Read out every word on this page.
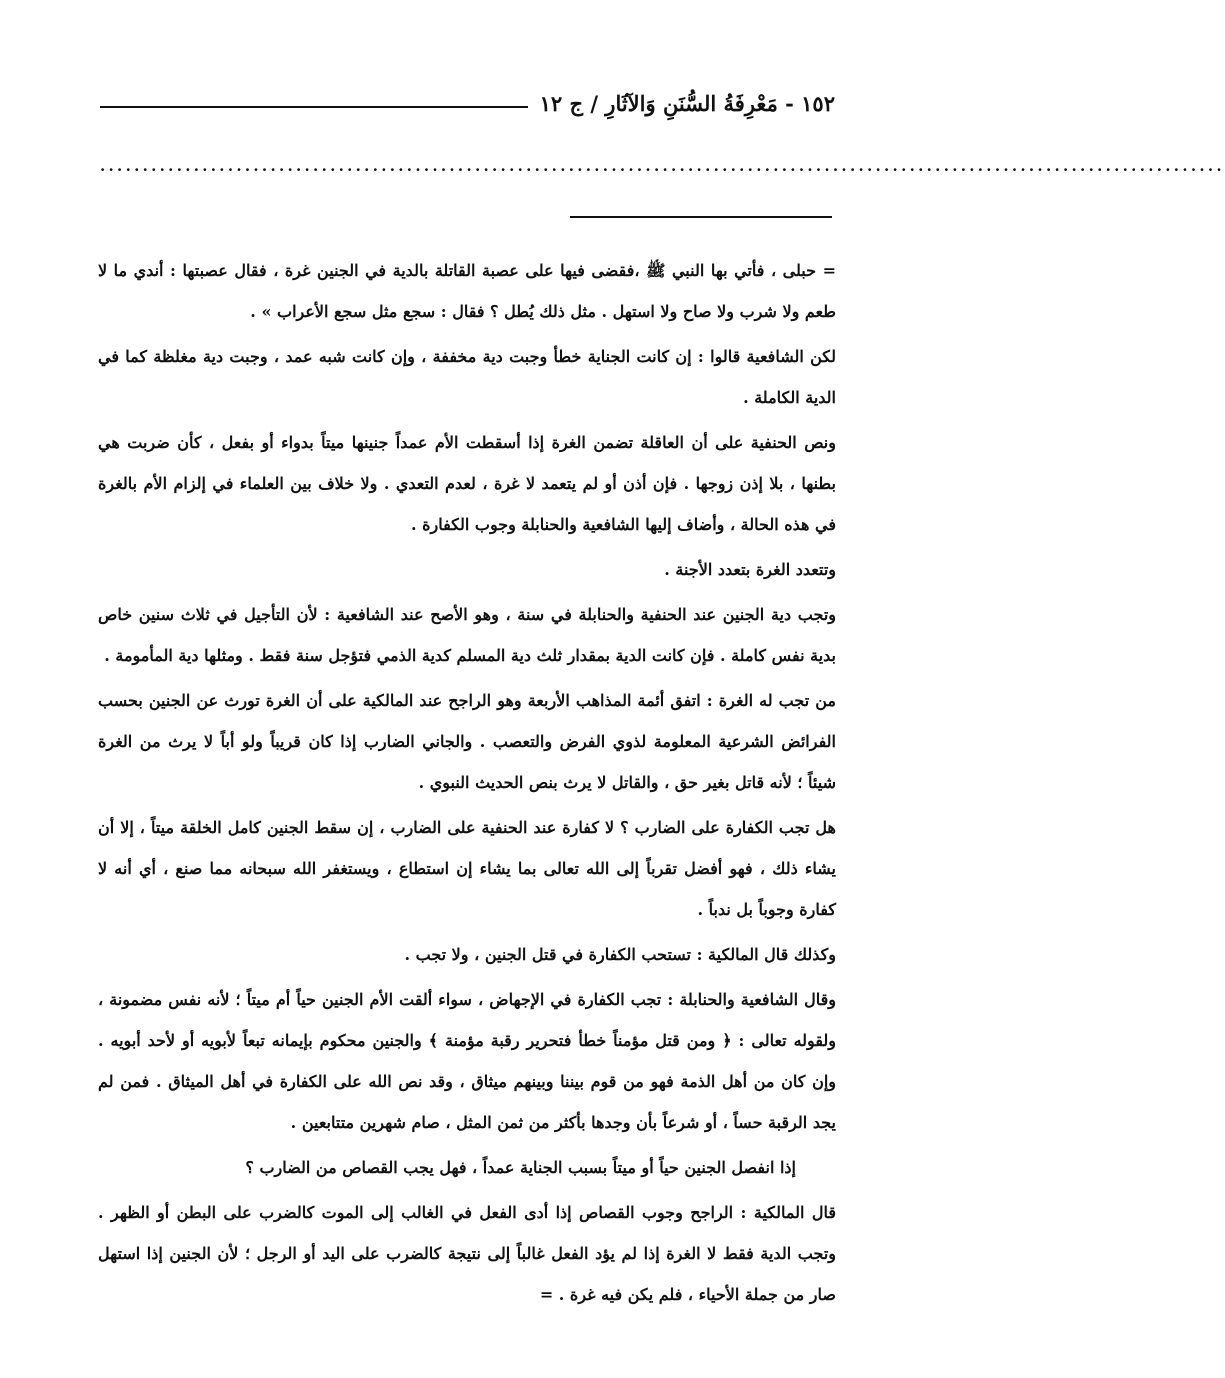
١٥٢ - مَعْرِفَةُ السُّنَنِ وَالآثَارِ / ج ١٢
....................................................................................................................................

= حبلى ، فأتي بها النبي ﷺ ،فقضى فيها على عصبة القاتلة بالدية في الجنين غرة ، فقال عصبتها : أندي ما لا طعم ولا شرب ولا صاح ولا استهل . مثل ذلك يُطل ؟ فقال : سجع مثل سجع الأعراب » .

لكن الشافعية قالوا : إن كانت الجناية خطأ وجبت دية مخففة ، وإن كانت شبه عمد ، وجبت دية مغلظة كما في الدية الكاملة .

ونص الحنفية على أن العاقلة تضمن الغرة إذا أسقطت الأم عمداً جنينها ميتاً بدواء أو بفعل ، كأن ضربت هي بطنها ، بلا إذن زوجها . فإن أذن أو لم يتعمد لا غرة ، لعدم التعدي . ولا خلاف بين العلماء في إلزام الأم بالغرة في هذه الحالة ، وأضاف إليها الشافعية والحنابلة وجوب الكفارة .

وتتعدد الغرة بتعدد الأجنة .

وتجب دية الجنين عند الحنفية والحنابلة في سنة ، وهو الأصح عند الشافعية : لأن التأجيل في ثلاث سنين خاص بدية نفس كاملة . فإن كانت الدية بمقدار ثلث دية المسلم كدية الذمي فتؤجل سنة فقط . ومثلها دية المأمومة .

من تجب له الغرة : اتفق أئمة المذاهب الأربعة وهو الراجح عند المالكية على أن الغرة تورث عن الجنين بحسب الفرائض الشرعية المعلومة لذوي الفرض والتعصب . والجاني الضارب إذا كان قريباً ولو أباً لا يرث من الغرة شيئاً ؛ لأنه قاتل بغير حق ، والقاتل لا يرث بنص الحديث النبوي .

هل تجب الكفارة على الضارب ؟ لا كفارة عند الحنفية على الضارب ، إن سقط الجنين كامل الخلقة ميتاً ، إلا أن يشاء ذلك ، فهو أفضل تقرباً إلى الله تعالى بما يشاء إن استطاع ، ويستغفر الله سبحانه مما صنع ، أي أنه لا كفارة وجوباً بل ندباً .

وكذلك قال المالكية : تستحب الكفارة في قتل الجنين ، ولا تجب .

وقال الشافعية والحنابلة : تجب الكفارة في الإجهاض ، سواء ألقت الأم الجنين حياً أم ميتاً ؛ لأنه نفس مضمونة ، ولقوله تعالى : ﴿ ومن قتل مؤمناً خطأ فتحرير رقبة مؤمنة ﴾ والجنين محكوم بإيمانه تبعاً لأبويه أو لأحد أبويه . وإن كان من أهل الذمة فهو من قوم بيننا وبينهم ميثاق ، وقد نص الله على الكفارة في أهل الميثاق . فمن لم يجد الرقبة حساً ، أو شرعاً بأن وجدها بأكثر من ثمن المثل ، صام شهرين متتابعين .

إذا انفصل الجنين حياً أو ميتاً بسبب الجناية عمداً ، فهل يجب القصاص من الضارب ؟

قال المالكية : الراجح وجوب القصاص إذا أدى الفعل في الغالب إلى الموت كالضرب على البطن أو الظهر . وتجب الدية فقط لا الغرة إذا لم يؤد الفعل غالباً إلى نتيجة كالضرب على اليد أو الرجل ؛ لأن الجنين إذا استهل صار من جملة الأحياء ، فلم يكن فيه غرة . =
